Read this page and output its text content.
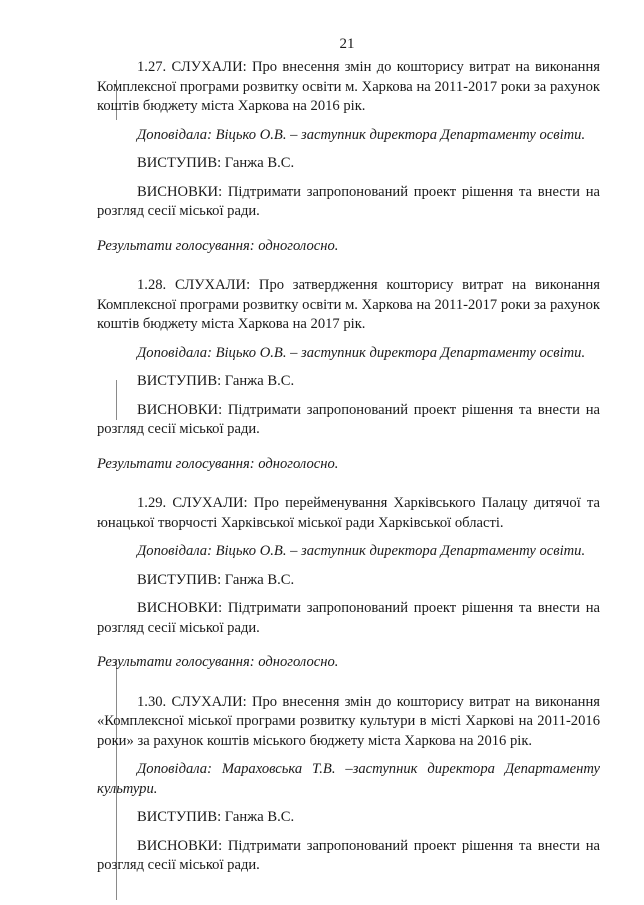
21

1.27. СЛУХАЛИ: Про внесення змін до кошторису витрат на виконання Комплексної програми розвитку освіти м. Харкова на 2011-2017 роки за рахунок коштів бюджету міста Харкова на 2016 рік.

Доповідала: Віцько О.В. – заступник директора Департаменту освіти.

ВИСТУПИВ: Ганжа В.С.

ВИСНОВКИ: Підтримати запропонований проект рішення та внести на розгляд сесії міської ради.

Результати голосування: одноголосно.

1.28. СЛУХАЛИ: Про затвердження кошторису витрат на виконання Комплексної програми розвитку освіти м. Харкова на 2011-2017 роки за рахунок коштів бюджету міста Харкова на 2017 рік.

Доповідала: Віцько О.В. – заступник директора Департаменту освіти.

ВИСТУПИВ: Ганжа В.С.

ВИСНОВКИ: Підтримати запропонований проект рішення та внести на розгляд сесії міської ради.

Результати голосування: одноголосно.

1.29. СЛУХАЛИ: Про перейменування Харківського Палацу дитячої та юнацької творчості Харківської міської ради Харківської області.

Доповідала: Віцько О.В. – заступник директора Департаменту освіти.

ВИСТУПИВ: Ганжа В.С.

ВИСНОВКИ: Підтримати запропонований проект рішення та внести на розгляд сесії міської ради.

Результати голосування: одноголосно.

1.30. СЛУХАЛИ: Про внесення змін до кошторису витрат на виконання «Комплексної міської програми розвитку культури в місті Харкові на 2011-2016 роки» за рахунок коштів міського бюджету міста Харкова на 2016 рік.

Доповідала: Мараховська Т.В. –заступник директора Департаменту культури.

ВИСТУПИВ: Ганжа В.С.

ВИСНОВКИ: Підтримати запропонований проект рішення та внести на розгляд сесії міської ради.
